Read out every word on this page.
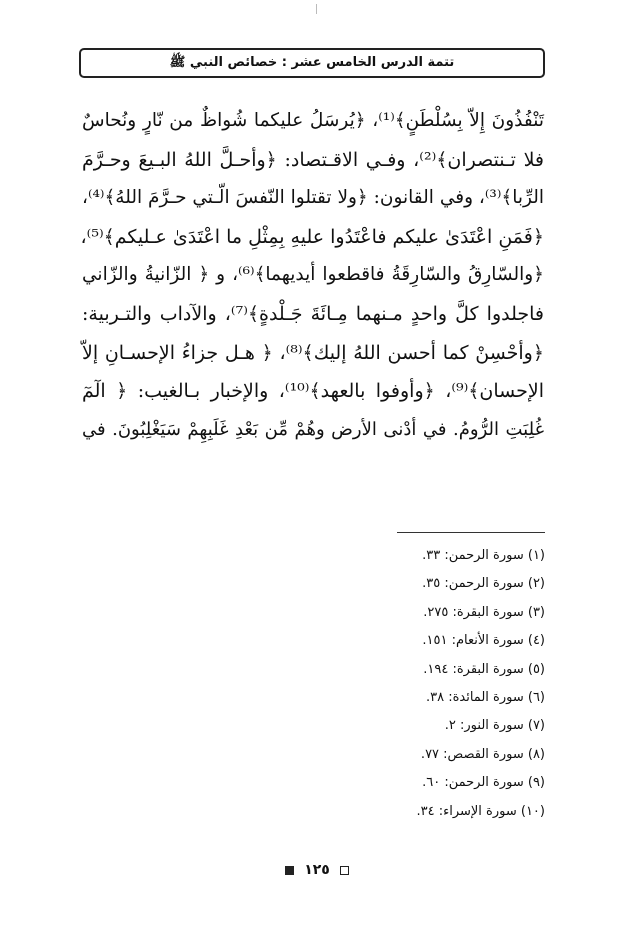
تتمة الدرس الخامس عشر : خصائص النبي ﷺ
تَنْفُذُونَ إِلاّ بِسُلْطَنٍ﴾⁽¹⁾، ﴿يُرسَلُ عليكما شُواظٌ من نّارٍ ونُحاسٌ
فلا تـنتصران﴾⁽²⁾، وفـي الاقـتصاد: ﴿وأحـلَّ اللهُ البـيعَ وحـرَّمَ
الرِّبا﴾⁽³⁾، وفي القانون: ﴿ولا تقتلوا النّفسَ الّـتي حـرَّمَ اللهُ﴾⁽⁴⁾،
﴿فَمَنِ اعْتَدَىٰ عليكم فاعْتَدُوا عليهِ بِمِثْلِ ما اعْتَدَىٰ عـليكم﴾⁽⁵⁾،
﴿والسّارِقُ والسّارِقَةُ فاقطعوا أيديهما﴾⁽⁶⁾، و ﴿ الزّانيةُ والزّاني
فاجلدوا كلَّ واحدٍ مـنهما مِـائَةَ جَـلْدةٍ﴾⁽⁷⁾، والآداب والتـربية:
﴿وأحْسِنْ كما أحسن اللهُ إليك﴾⁽⁸⁾، ﴿ هـل جزاءُ الإحسـانِ إلاّ
الإحسان﴾⁽⁹⁾، ﴿وأوفوا بالعهد﴾⁽¹⁰⁾، والإخبار بـالغيب: ﴿ الٓمٓ
غُلِبَتِ الرُّومُ. في أدْنى الأرض وهُمْ مِّن بَعْدِ غَلَبِهِمْ سَيَغْلِبُونَ. في
(١) سورة الرحمن: ٣٣.
(٢) سورة الرحمن: ٣٥.
(٣) سورة البقرة: ٢٧٥.
(٤) سورة الأنعام: ١٥١.
(٥) سورة البقرة: ١٩٤.
(٦) سورة المائدة: ٣٨.
(٧) سورة النور: ٢.
(٨) سورة القصص: ٧٧.
(٩) سورة الرحمن: ٦٠.
(١٠) سورة الإسراء: ٣٤.
١٢٥
